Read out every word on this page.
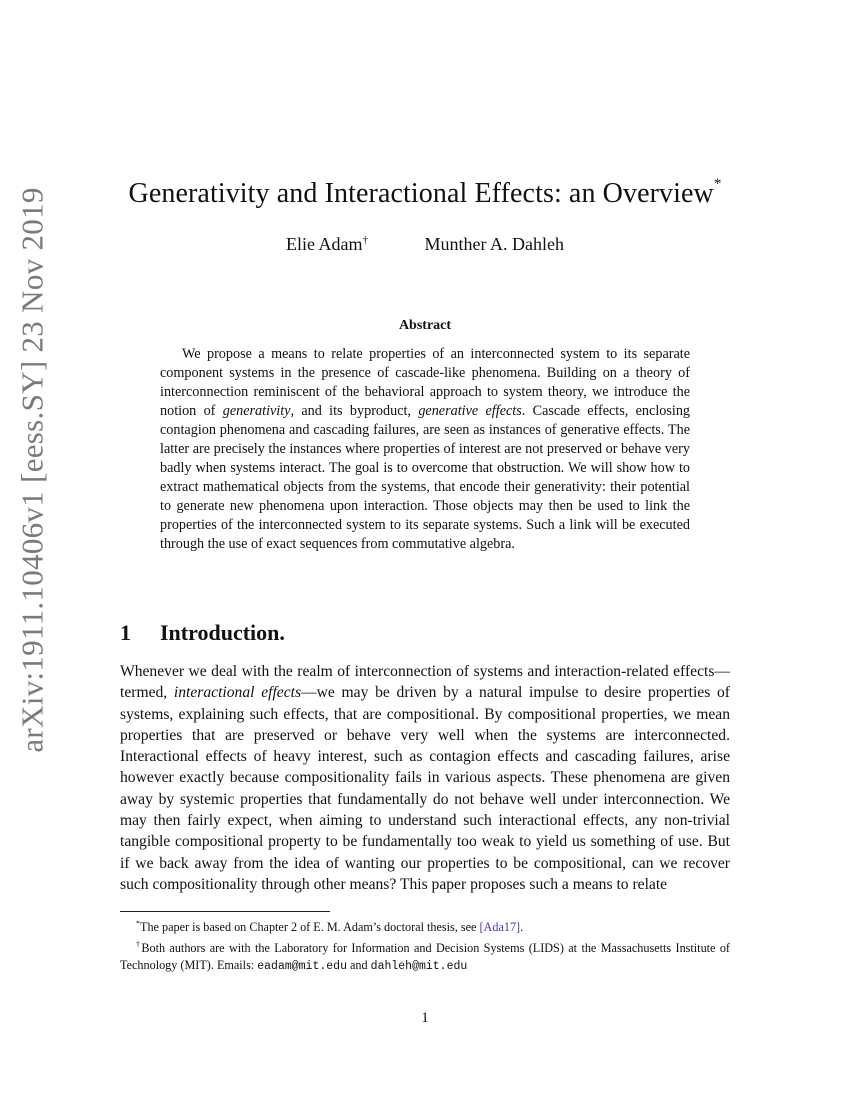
arXiv:1911.10406v1 [eess.SY] 23 Nov 2019	Generativity and Interactional Effects: an Overview*
Elie Adam†	Munther A. Dahleh
Abstract

We propose a means to relate properties of an interconnected system to its separate component systems in the presence of cascade-like phenomena. Building on a theory of interconnection reminiscent of the behavioral approach to system theory, we introduce the notion of generativity, and its byproduct, generative effects. Cascade effects, enclosing contagion phenomena and cascading failures, are seen as instances of generative effects. The latter are precisely the instances where properties of interest are not preserved or behave very badly when systems interact. The goal is to overcome that obstruction. We will show how to extract mathematical objects from the systems, that encode their generativity: their potential to generate new phenomena upon interaction. Those objects may then be used to link the properties of the interconnected system to its separate systems. Such a link will be executed through the use of exact sequences from commutative algebra.

1 Introduction.

Whenever we deal with the realm of interconnection of systems and interaction-related effects—termed, interactional effects—we may be driven by a natural impulse to desire properties of systems, explaining such effects, that are compositional. By compositional properties, we mean properties that are preserved or behave very well when the systems are interconnected. Interactional effects of heavy interest, such as contagion effects and cascading failures, arise however exactly because compositionality fails in various aspects. These phenomena are given away by systemic properties that fundamentally do not behave well under interconnection. We may then fairly expect, when aiming to understand such interactional effects, any non-trivial tangible compositional property to be fundamentally too weak to yield us something of use. But if we back away from the idea of wanting our properties to be compositional, can we recover such compositionality through other means? This paper proposes such a means to relate

*The paper is based on Chapter 2 of E. M. Adam’s doctoral thesis, see [Ada17].

†Both authors are with the Laboratory for Information and Decision Systems (LIDS) at the Massachusetts Institute of Technology (MIT). Emails: eadam@mit.edu and dahleh@mit.edu

1
